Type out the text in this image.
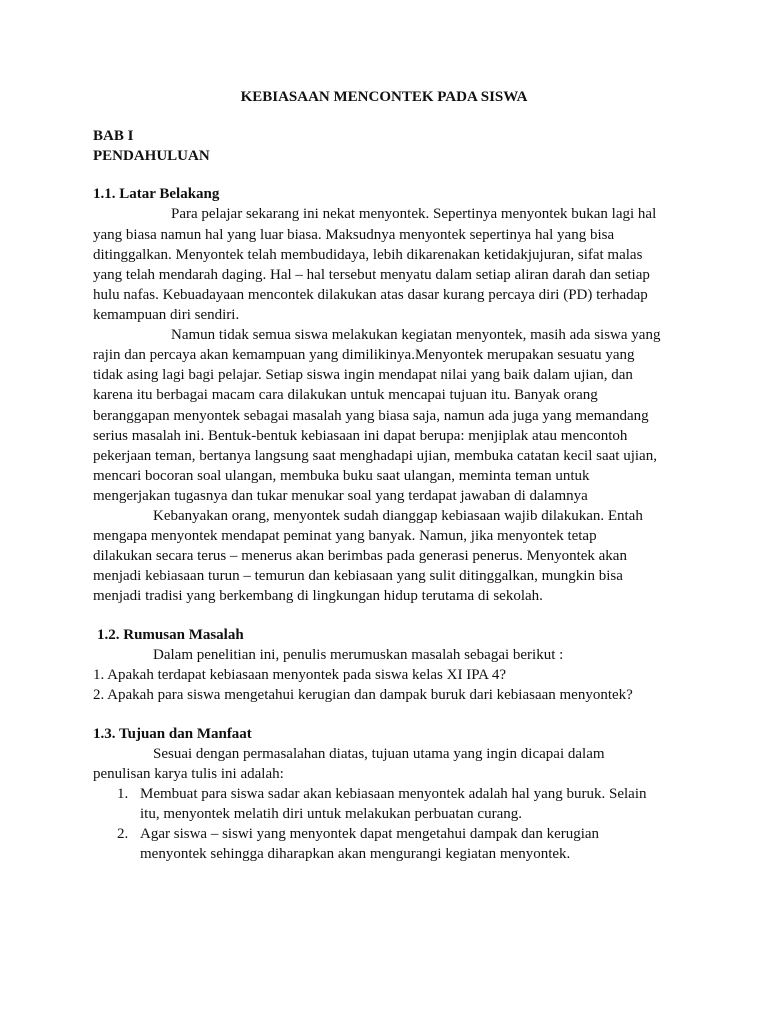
KEBIASAAN MENCONTEK PADA SISWA

BAB I

PENDAHULUAN

1.1. Latar Belakang

Para pelajar sekarang ini nekat menyontek. Sepertinya menyontek bukan lagi hal

yang biasa namun hal yang luar biasa. Maksudnya menyontek sepertinya hal yang bisa

ditinggalkan. Menyontek telah membudidaya, lebih dikarenakan ketidakjujuran, sifat malas

yang telah mendarah daging. Hal – hal tersebut menyatu dalam setiap aliran darah dan setiap

hulu nafas. Kebuadayaan mencontek dilakukan atas dasar kurang percaya diri (PD) terhadap

kemampuan diri sendiri.

Namun tidak semua siswa melakukan kegiatan menyontek, masih ada siswa yang

rajin dan percaya akan kemampuan yang dimilikinya.Menyontek merupakan sesuatu yang

tidak asing lagi bagi pelajar. Setiap siswa ingin mendapat nilai yang baik dalam ujian, dan

karena itu berbagai macam cara dilakukan untuk mencapai tujuan itu. Banyak orang

beranggapan menyontek sebagai masalah yang biasa saja, namun ada juga yang memandang

serius masalah ini. Bentuk-bentuk kebiasaan ini dapat berupa: menjiplak atau mencontoh

pekerjaan teman, bertanya langsung saat menghadapi ujian, membuka catatan kecil saat ujian,

mencari bocoran soal ulangan, membuka buku saat ulangan, meminta teman untuk

mengerjakan tugasnya dan tukar menukar soal yang terdapat jawaban di dalamnya

Kebanyakan orang, menyontek sudah dianggap kebiasaan wajib dilakukan. Entah

mengapa menyontek mendapat peminat yang banyak. Namun, jika menyontek tetap

dilakukan secara terus – menerus akan berimbas pada generasi penerus. Menyontek akan

menjadi kebiasaan turun – temurun dan kebiasaan yang sulit ditinggalkan, mungkin bisa

menjadi tradisi yang berkembang di lingkungan hidup terutama di sekolah.

1.2. Rumusan Masalah

Dalam penelitian ini, penulis merumuskan masalah sebagai berikut :

1. Apakah terdapat kebiasaan menyontek pada siswa kelas XI IPA 4?

2. Apakah para siswa mengetahui kerugian dan dampak buruk dari kebiasaan menyontek?

1.3. Tujuan dan Manfaat

Sesuai dengan permasalahan diatas, tujuan utama yang ingin dicapai dalam

penulisan karya tulis ini adalah:

1. Membuat para siswa sadar akan kebiasaan menyontek adalah hal yang buruk. Selain

itu, menyontek melatih diri untuk melakukan perbuatan curang.

2. Agar siswa – siswi yang menyontek dapat mengetahui dampak dan kerugian

menyontek sehingga diharapkan akan mengurangi kegiatan menyontek.
